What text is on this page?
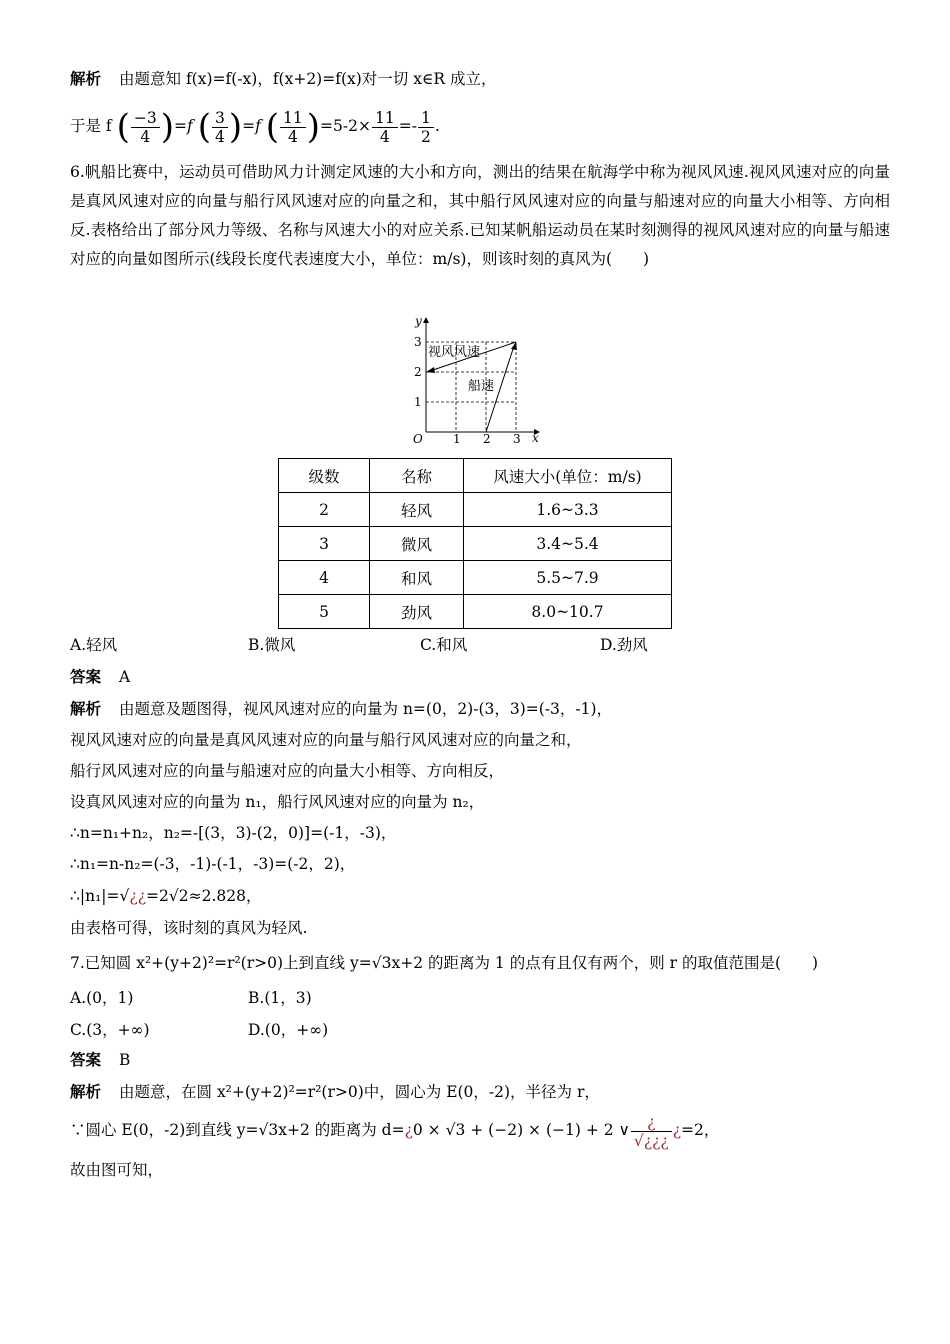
解析 由题意知 f(x)=f(-x)，f(x+2)=f(x)对一切 x∈R 成立，
于是 f ( $\frac{-3}{4} )=f$ ( $\frac{3}{4} )=f$ ( $\frac{11}{4} )=5-2\times \frac{11}{4} =- \frac{1}{2}$ .
6.帆船比赛中，运动员可借助风力计测定风速的大小和方向，测出的结果在航海学中称为视风风速.视风风速对应的向量是真风风速对应的向量与船行风风速对应的向量之和，其中船行风风速对应的向量与船速对应的向量大小相等、方向相反.表格给出了部分风力等级、名称与风速大小的对应关系.已知某帆船运动员在某时刻测得的视风风速对应的向量与船速对应的向量如图所示(线段长度代表速度大小，单位：m/s)，则该时刻的真风为(　　)
y
x
O	1 2 3
1
2
3
视风风速
船速
级数	名称	风速大小(单位：m/s)
2	轻风	1.6~3.3
3	微风	3.4~5.4
4	和风	5.5~7.9
5	劲风	8.0~10.7
A.轻风	B.微风	C.和风	D.劲风
答案 A
解析 由题意及题图得，视风风速对应的向量为 n=(0，2)-(3，3)=(-3，-1)，
视风风速对应的向量是真风风速对应的向量与船行风风速对应的向量之和，
船行风风速对应的向量与船速对应的向量大小相等、方向相反，
设真风风速对应的向量为 n₁，船行风风速对应的向量为 n₂，
∴n=n₁+n₂，n₂=-[(3，3)-(2，0)]=(-1，-3)，
∴n₁=n-n₂=(-3，-1)-(-1，-3)=(-2，2)，
∴|n₁|=√¿¿=2√2≈2.828，
由表格可得，该时刻的真风为轻风.
7.已知圆 x²+(y+2)²=r²(r>0)上到直线 y=√3x+2 的距离为 1 的点有且仅有两个，则 r 的取值范围是(　　)
A.(0，1)	B.(1，3)
C.(3，+∞)	D.(0，+∞)
答案 B
解析 由题意，在圆 x²+(y+2)²=r²(r>0)中，圆心为 E(0，-2)，半径为 r，
∵圆心 E(0，-2)到直线 y=√3x+2 的距离为 d=¿0 × √3 + (−2) × (−1) + 2 ∨ $\frac{¿}{√¿¿¿}$ ¿=2，
故由图可知，
